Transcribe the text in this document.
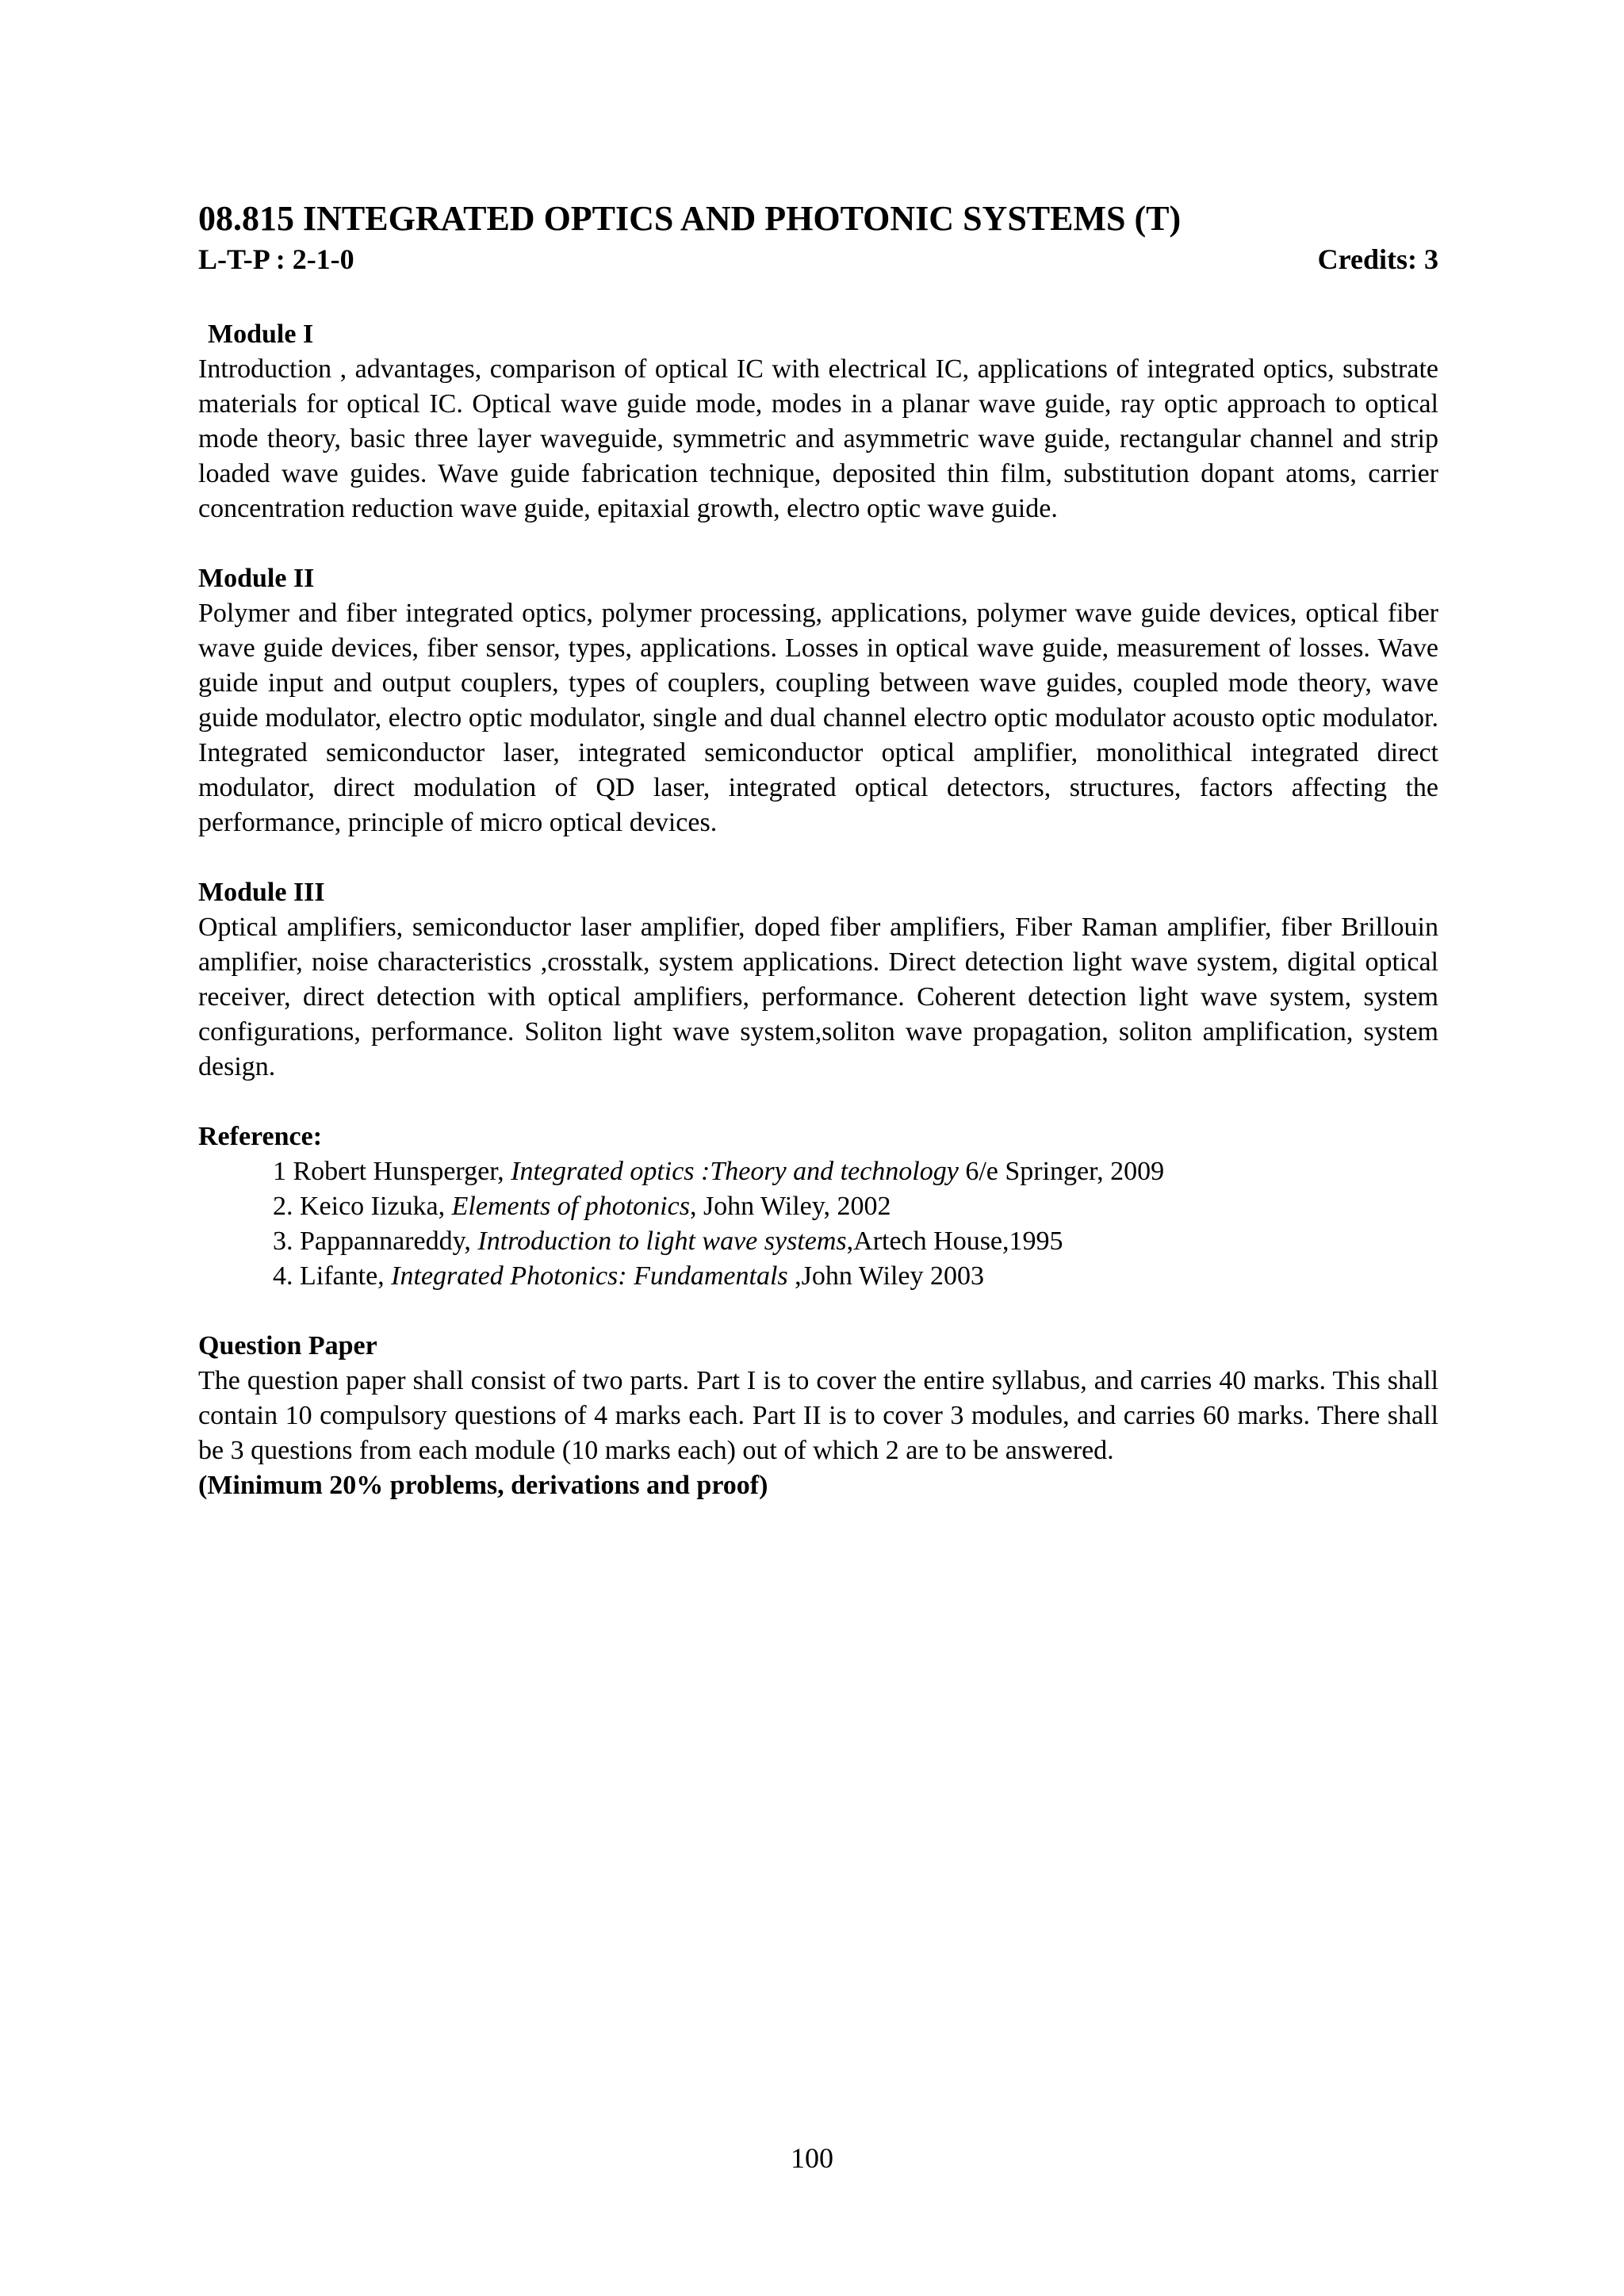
08.815 INTEGRATED OPTICS AND PHOTONIC SYSTEMS (T)
L-T-P : 2-1-0	Credits: 3

Module I

Introduction , advantages, comparison of optical IC with electrical IC, applications of integrated optics, substrate materials for optical IC. Optical wave guide mode, modes in a planar wave guide, ray optic approach to optical mode theory, basic three layer waveguide, symmetric and asymmetric wave guide, rectangular channel and strip loaded wave guides. Wave guide fabrication technique, deposited thin film, substitution dopant atoms, carrier concentration reduction wave guide, epitaxial growth, electro optic wave guide.

Module II

Polymer and fiber integrated optics, polymer processing, applications, polymer wave guide devices, optical fiber wave guide devices, fiber sensor, types, applications. Losses in optical wave guide, measurement of losses. Wave guide input and output couplers, types of couplers, coupling between wave guides, coupled mode theory, wave guide modulator, electro optic modulator, single and dual channel electro optic modulator acousto optic modulator. Integrated semiconductor laser, integrated semiconductor optical amplifier, monolithical integrated direct modulator, direct modulation of QD laser, integrated optical detectors, structures, factors affecting the performance, principle of micro optical devices.

Module III

Optical amplifiers, semiconductor laser amplifier, doped fiber amplifiers, Fiber Raman amplifier, fiber Brillouin amplifier, noise characteristics ,crosstalk, system applications. Direct detection light wave system, digital optical receiver, direct detection with optical amplifiers, performance. Coherent detection light wave system, system configurations, performance. Soliton light wave system,soliton wave propagation, soliton amplification, system design.

Reference:

1 Robert Hunsperger, Integrated optics :Theory and technology 6/e Springer, 2009
2. Keico Iizuka, Elements of photonics, John Wiley, 2002
3. Pappannareddy, Introduction to light wave systems,Artech House,1995
4. Lifante, Integrated Photonics: Fundamentals ,John Wiley 2003

Question Paper

The question paper shall consist of two parts. Part I is to cover the entire syllabus, and carries 40 marks. This shall contain 10 compulsory questions of 4 marks each. Part II is to cover 3 modules, and carries 60 marks. There shall be 3 questions from each module (10 marks each) out of which 2 are to be answered.

(Minimum 20% problems, derivations and proof)

100
